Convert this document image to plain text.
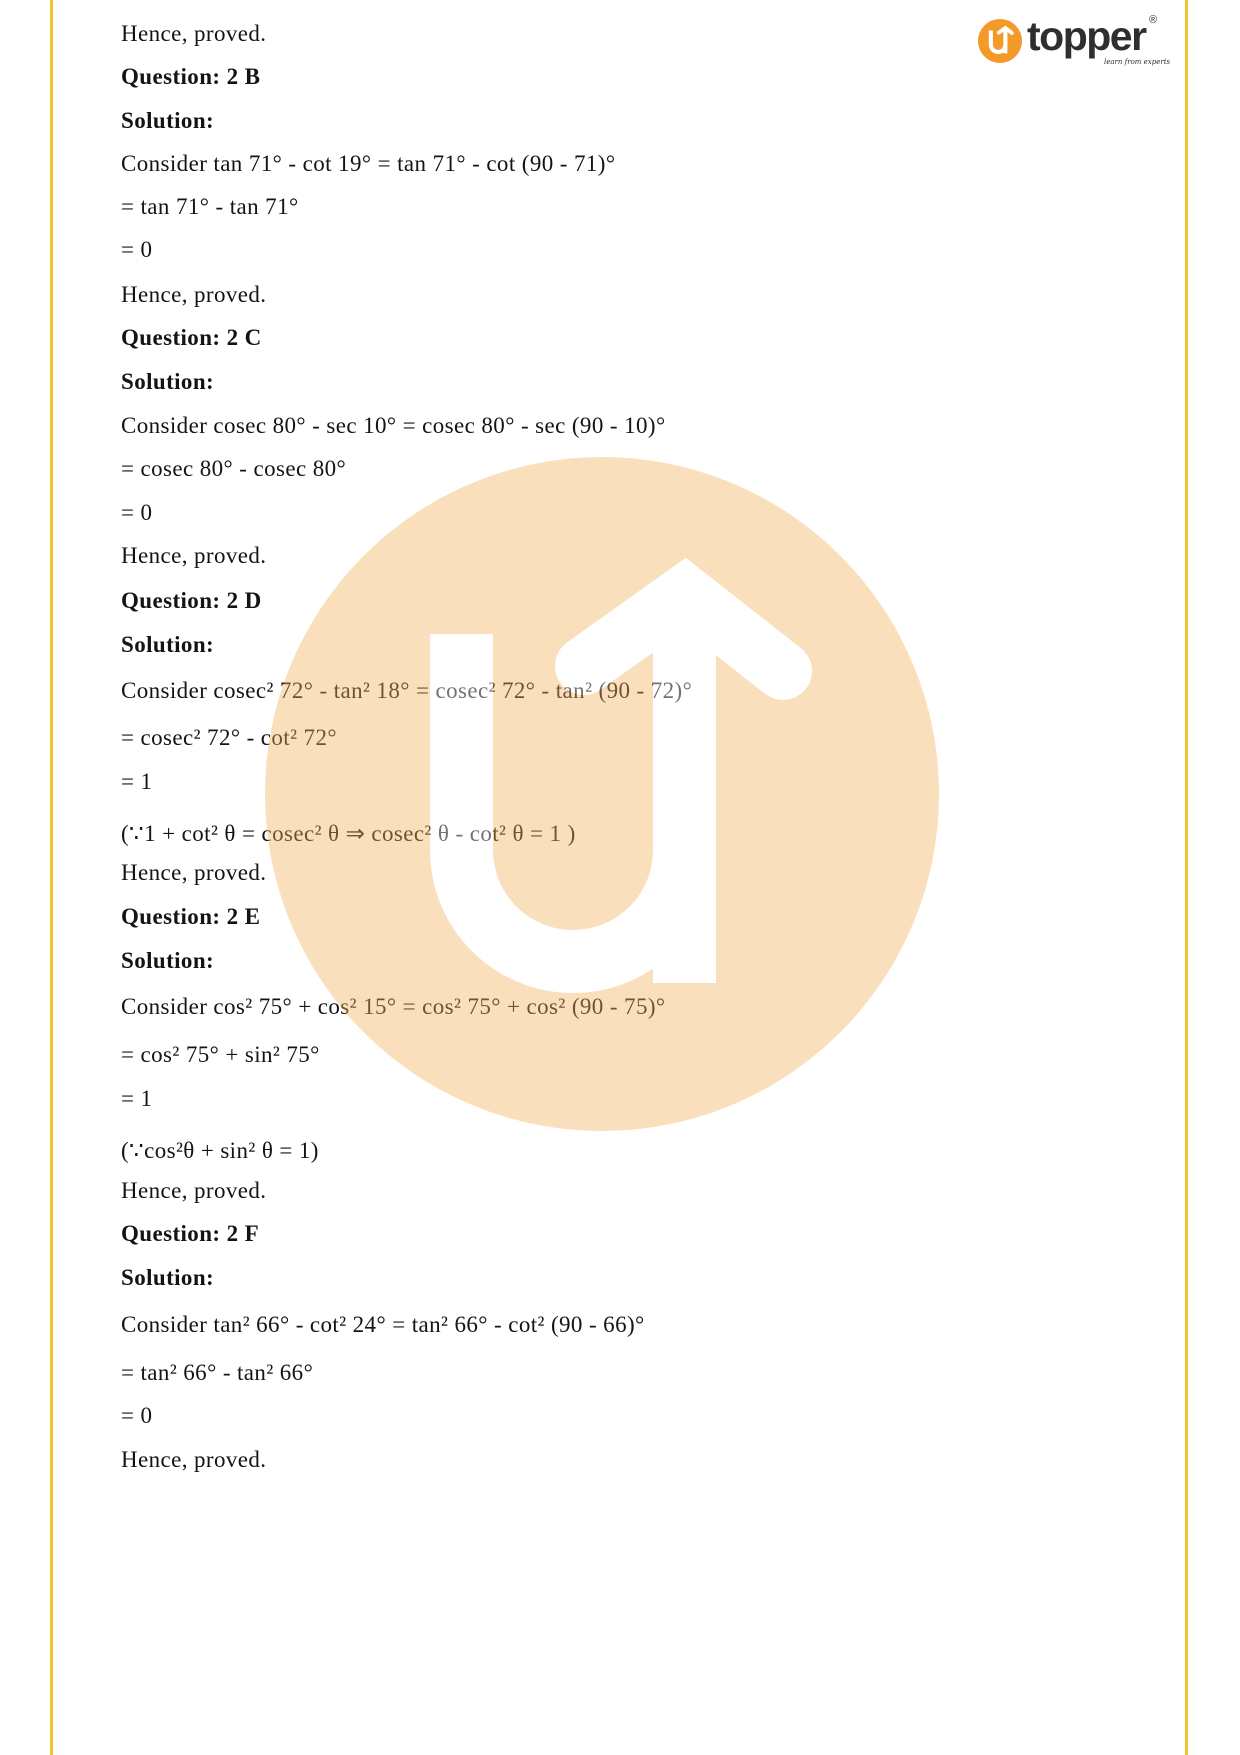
topper ®
learn from experts
Hence, proved.
Question: 2 B
Solution:
Consider tan 71° - cot 19° = tan 71° - cot (90 - 71)°
= tan 71° - tan 71°
= 0
Hence, proved.
Question: 2 C
Solution:
Consider cosec 80° - sec 10° = cosec 80° - sec (90 - 10)°
= cosec 80° - cosec 80°
= 0
Hence, proved.
Question: 2 D
Solution:
Consider cosec² 72° - tan² 18° = cosec² 72° - tan² (90 - 72)°
= cosec² 72° - cot² 72°
= 1
(∵1 + cot² θ = cosec² θ ⇒ cosec² θ - cot² θ = 1 )
Hence, proved.
Question: 2 E
Solution:
Consider cos² 75° + cos² 15° = cos² 75° + cos² (90 - 75)°
= cos² 75° + sin² 75°
= 1
(∵cos²θ + sin² θ = 1)
Hence, proved.
Question: 2 F
Solution:
Consider tan² 66° - cot² 24° = tan² 66° - cot² (90 - 66)°
= tan² 66° - tan² 66°
= 0
Hence, proved.
